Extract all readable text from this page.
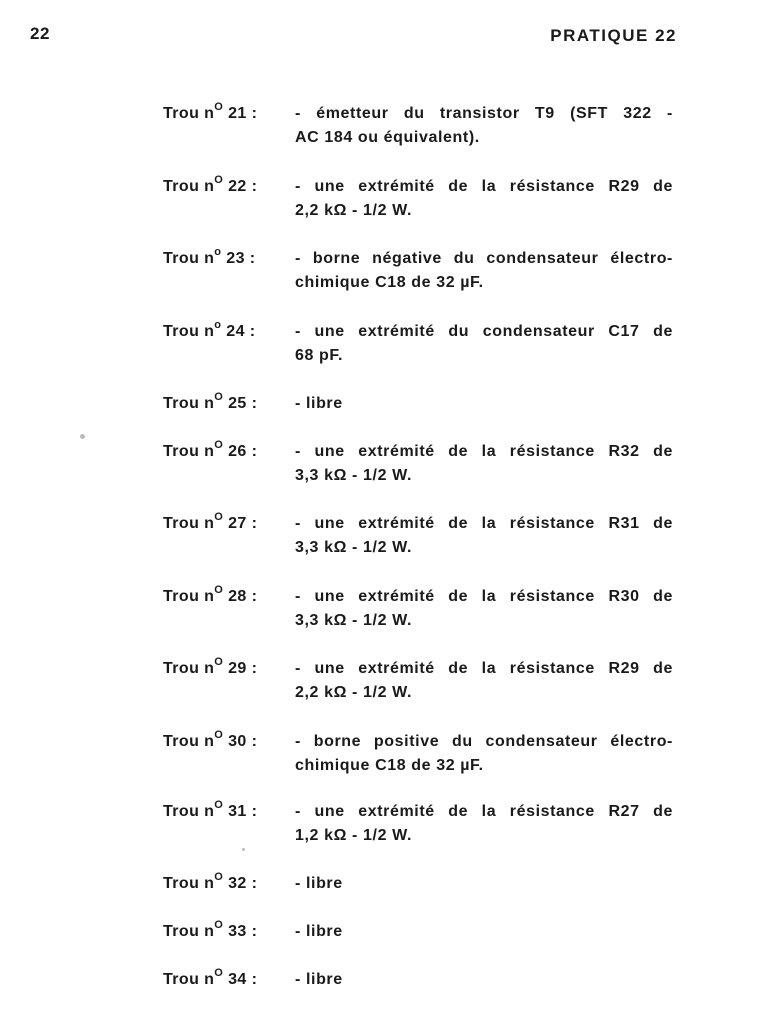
22	PRATIQUE 22
Trou $n^O$ 21 :	- émetteur du transistor T9 (SFT 322 -
AC 184 ou équivalent).
Trou $n^O$ 22 :	- une extrémité de la résistance R29 de
2,2 kΩ - 1/2 W.
Trou $n^o$ 23 :	- borne négative du condensateur électro-
chimique C18 de 32 µF.
Trou $n^o$ 24 :	- une extrémité du condensateur C17 de
68 pF.
Trou $n^O$ 25 :	- libre
Trou $n^O$ 26 :	- une extrémité de la résistance R32 de
3,3 kΩ - 1/2 W.
Trou $n^O$ 27 :	- une extrémité de la résistance R31 de
3,3 kΩ - 1/2 W.
Trou $n^O$ 28 :	- une extrémité de la résistance R30 de
3,3 kΩ - 1/2 W.
Trou $n^O$ 29 :	- une extrémité de la résistance R29 de
2,2 kΩ - 1/2 W.
Trou $n^O$ 30 :	- borne positive du condensateur électro-
chimique C18 de 32 µF.
Trou $n^O$ 31 :	- une extrémité de la résistance R27 de
1,2 kΩ - 1/2 W.
Trou $n^O$ 32 :	- libre
Trou $n^O$ 33 :	- libre
Trou $n^O$ 34 :	- libre
